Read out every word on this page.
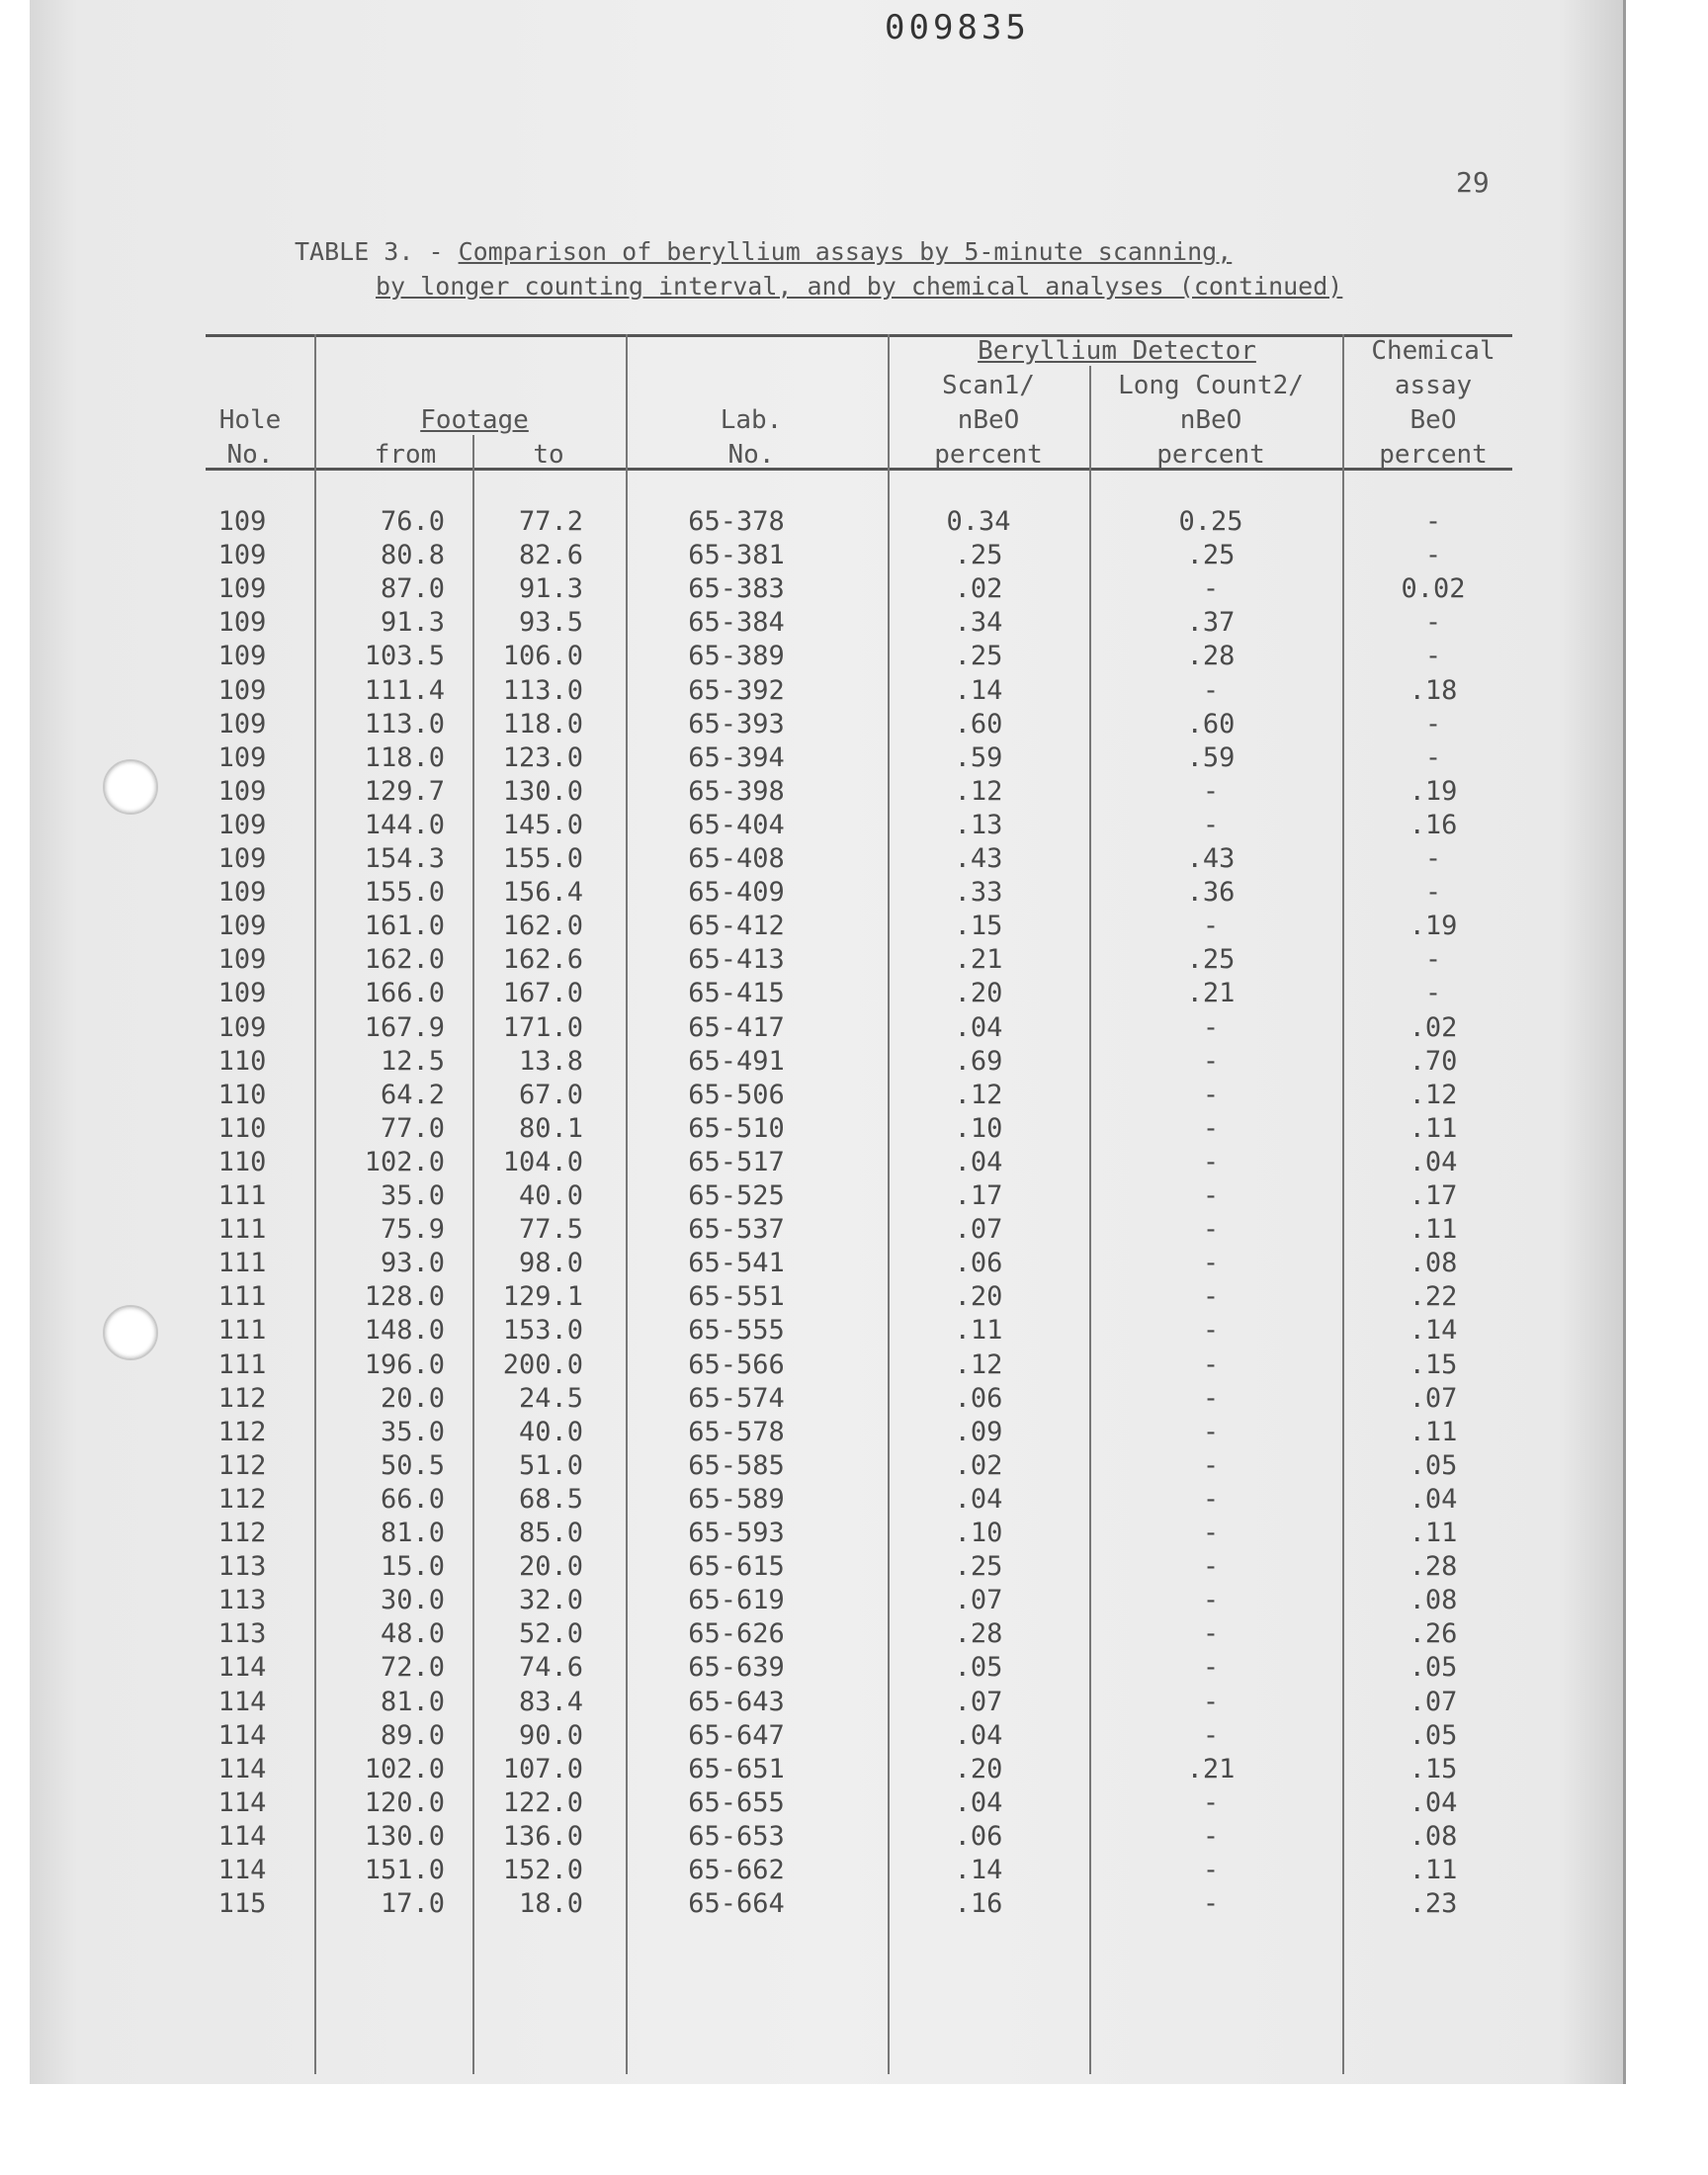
009835
29
TABLE 3. - Comparison of beryllium assays by 5-minute scanning,
by longer counting interval, and by chemical analyses (continued)
Hole
No.
Footage
from	to
Lab.
No.
Beryllium Detector
Scan1/
nBeO
percent
Long Count2/
nBeO
percent
Chemical
assay
BeO
percent
109	76.0	77.2	65-378	0.34	0.25	-
109	80.8	82.6	65-381	.25	.25	-
109	87.0	91.3	65-383	.02	-	0.02
109	91.3	93.5	65-384	.34	.37	-
109	103.5	106.0	65-389	.25	.28	-
109	111.4	113.0	65-392	.14	-	.18
109	113.0	118.0	65-393	.60	.60	-
109	118.0	123.0	65-394	.59	.59	-
109	129.7	130.0	65-398	.12	-	.19
109	144.0	145.0	65-404	.13	-	.16
109	154.3	155.0	65-408	.43	.43	-
109	155.0	156.4	65-409	.33	.36	-
109	161.0	162.0	65-412	.15	-	.19
109	162.0	162.6	65-413	.21	.25	-
109	166.0	167.0	65-415	.20	.21	-
109	167.9	171.0	65-417	.04	-	.02
110	12.5	13.8	65-491	.69	-	.70
110	64.2	67.0	65-506	.12	-	.12
110	77.0	80.1	65-510	.10	-	.11
110	102.0	104.0	65-517	.04	-	.04
111	35.0	40.0	65-525	.17	-	.17
111	75.9	77.5	65-537	.07	-	.11
111	93.0	98.0	65-541	.06	-	.08
111	128.0	129.1	65-551	.20	-	.22
111	148.0	153.0	65-555	.11	-	.14
111	196.0	200.0	65-566	.12	-	.15
112	20.0	24.5	65-574	.06	-	.07
112	35.0	40.0	65-578	.09	-	.11
112	50.5	51.0	65-585	.02	-	.05
112	66.0	68.5	65-589	.04	-	.04
112	81.0	85.0	65-593	.10	-	.11
113	15.0	20.0	65-615	.25	-	.28
113	30.0	32.0	65-619	.07	-	.08
113	48.0	52.0	65-626	.28	-	.26
114	72.0	74.6	65-639	.05	-	.05
114	81.0	83.4	65-643	.07	-	.07
114	89.0	90.0	65-647	.04	-	.05
114	102.0	107.0	65-651	.20	.21	.15
114	120.0	122.0	65-655	.04	-	.04
114	130.0	136.0	65-653	.06	-	.08
114	151.0	152.0	65-662	.14	-	.11
115	17.0	18.0	65-664	.16	-	.23
